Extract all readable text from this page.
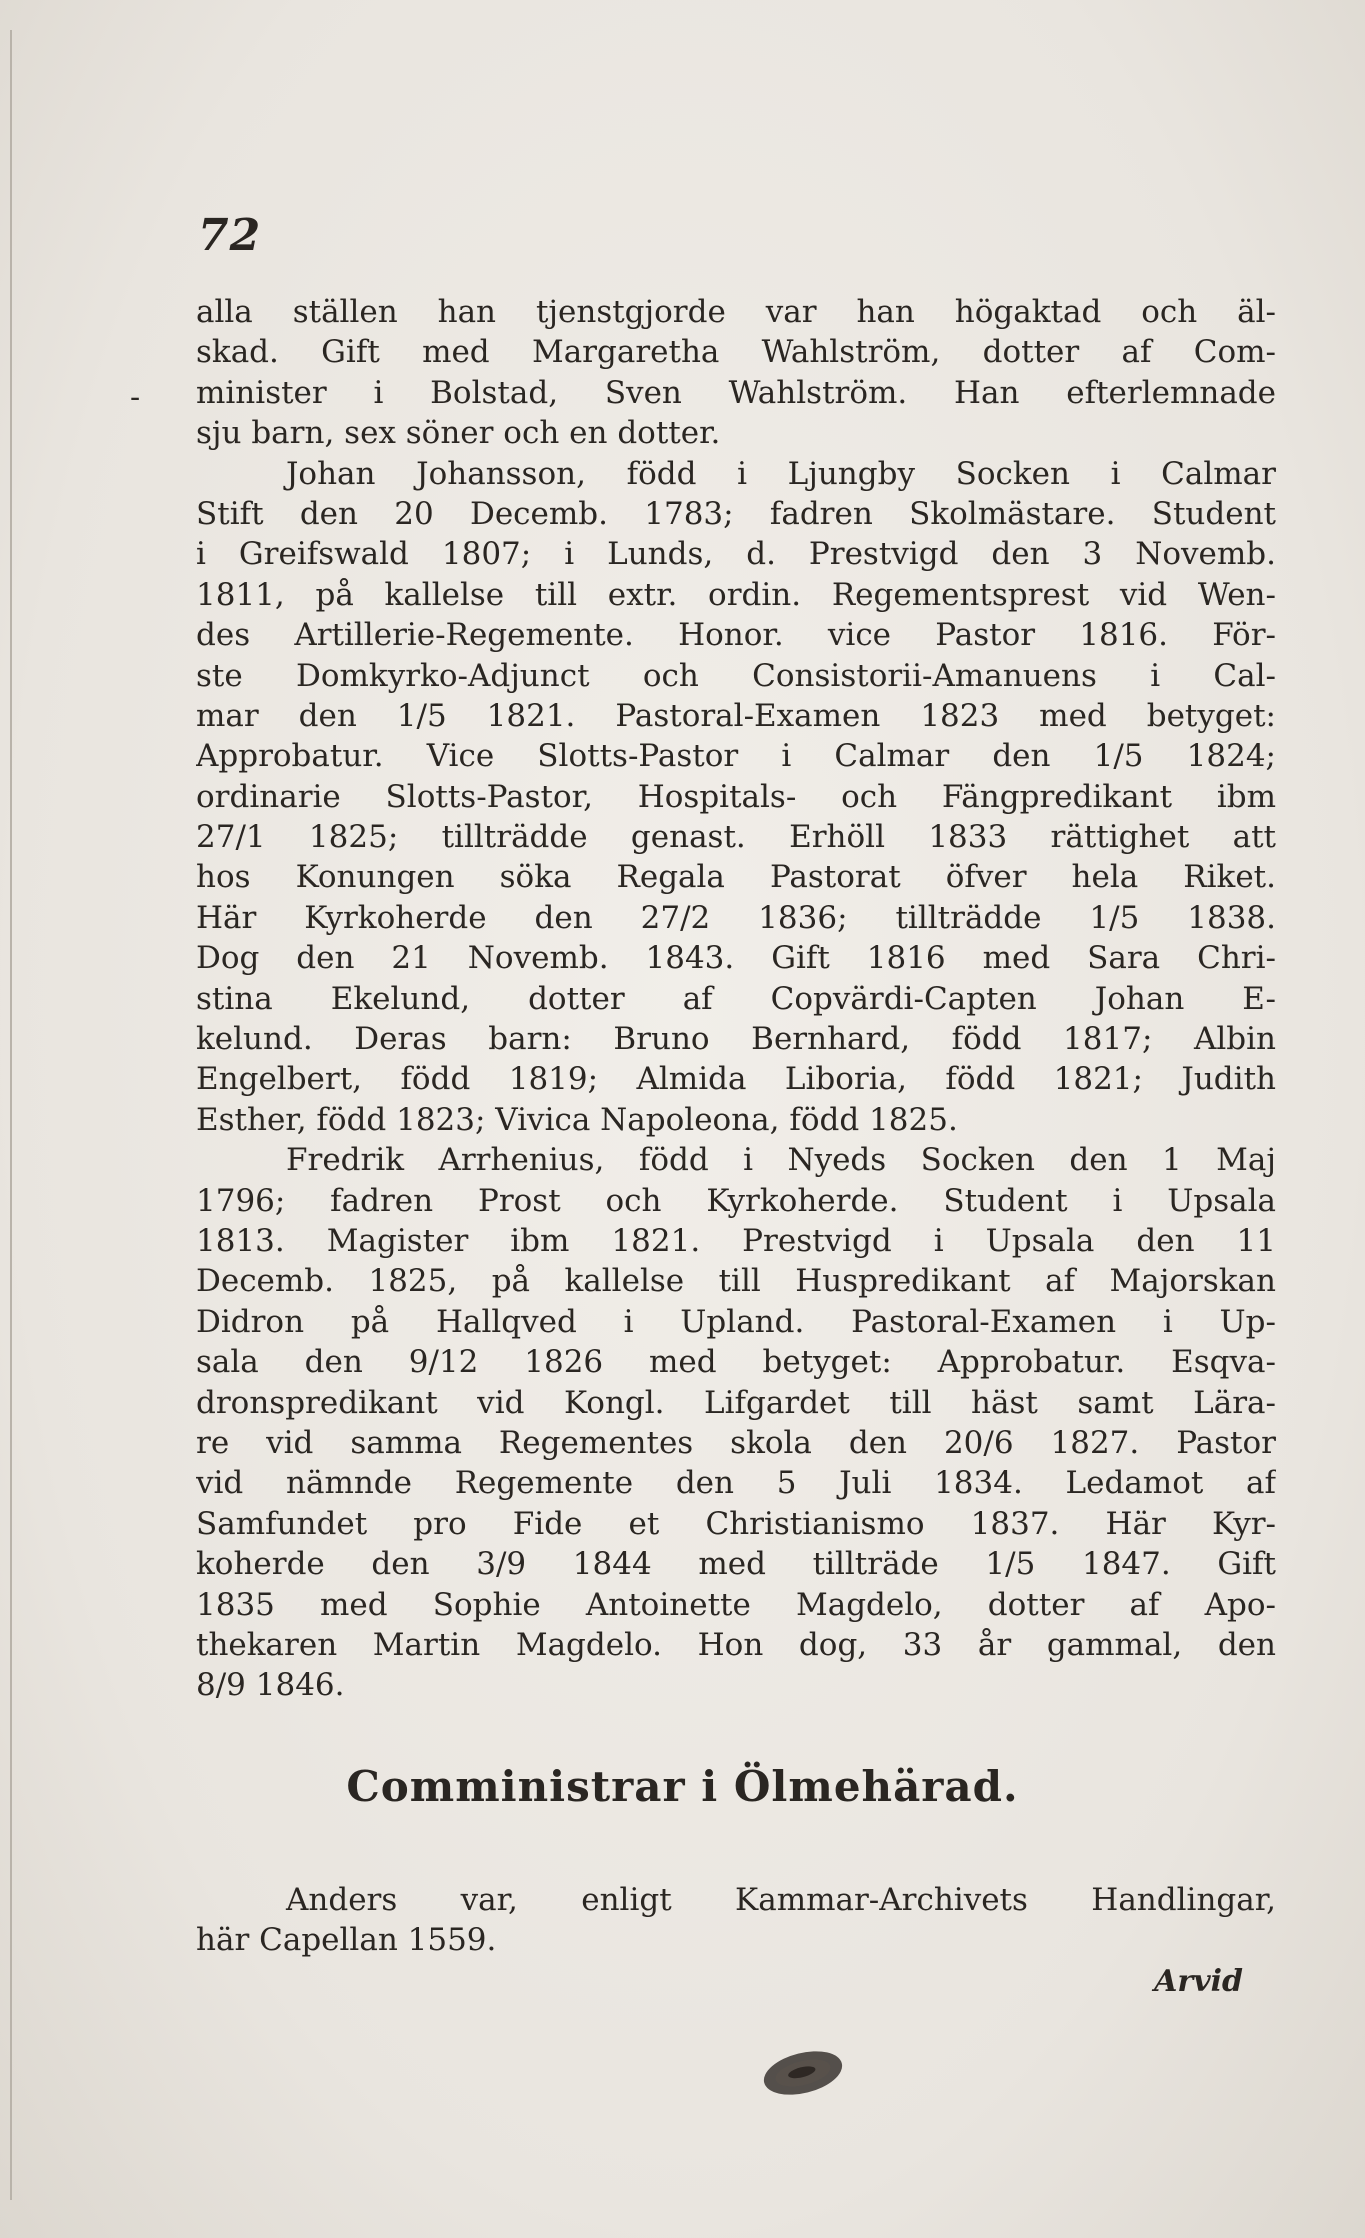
72
-
alla ställen han tjenstgjorde var han högaktad och äl-
skad. Gift med Margaretha Wahlström, dotter af Com-
minister i Bolstad, Sven Wahlström. Han efterlemnade
sju barn, sex söner och en dotter.
Johan Johansson, född i Ljungby Socken i Calmar
Stift den 20 Decemb. 1783; fadren Skolmästare. Student
i Greifswald 1807; i Lunds, d. Prestvigd den 3 Novemb.
1811, på kallelse till extr. ordin. Regementsprest vid Wen-
des Artillerie-Regemente. Honor. vice Pastor 1816. För-
ste Domkyrko-Adjunct och Consistorii-Amanuens i Cal-
mar den 1/5 1821. Pastoral-Examen 1823 med betyget:
Approbatur. Vice Slotts-Pastor i Calmar den 1/5 1824;
ordinarie Slotts-Pastor, Hospitals- och Fängpredikant ibm
27/1 1825; tillträdde genast. Erhöll 1833 rättighet att
hos Konungen söka Regala Pastorat öfver hela Riket.
Här Kyrkoherde den 27/2 1836; tillträdde 1/5 1838.
Dog den 21 Novemb. 1843. Gift 1816 med Sara Chri-
stina Ekelund, dotter af Copvärdi-Capten Johan E-
kelund. Deras barn: Bruno Bernhard, född 1817; Albin
Engelbert, född 1819; Almida Liboria, född 1821; Judith
Esther, född 1823; Vivica Napoleona, född 1825.
Fredrik Arrhenius, född i Nyeds Socken den 1 Maj
1796; fadren Prost och Kyrkoherde. Student i Upsala
1813. Magister ibm 1821. Prestvigd i Upsala den 11
Decemb. 1825, på kallelse till Huspredikant af Majorskan
Didron på Hallqved i Upland. Pastoral-Examen i Up-
sala den 9/12 1826 med betyget: Approbatur. Esqva-
dronspredikant vid Kongl. Lifgardet till häst samt Lära-
re vid samma Regementes skola den 20/6 1827. Pastor
vid nämnde Regemente den 5 Juli 1834. Ledamot af
Samfundet pro Fide et Christianismo 1837. Här Kyr-
koherde den 3/9 1844 med tillträde 1/5 1847. Gift
1835 med Sophie Antoinette Magdelo, dotter af Apo-
thekaren Martin Magdelo. Hon dog, 33 år gammal, den
8/9 1846.
Comministrar i Ölmehärad.
Anders var, enligt Kammar-Archivets Handlingar,
här Capellan 1559.
Arvid
